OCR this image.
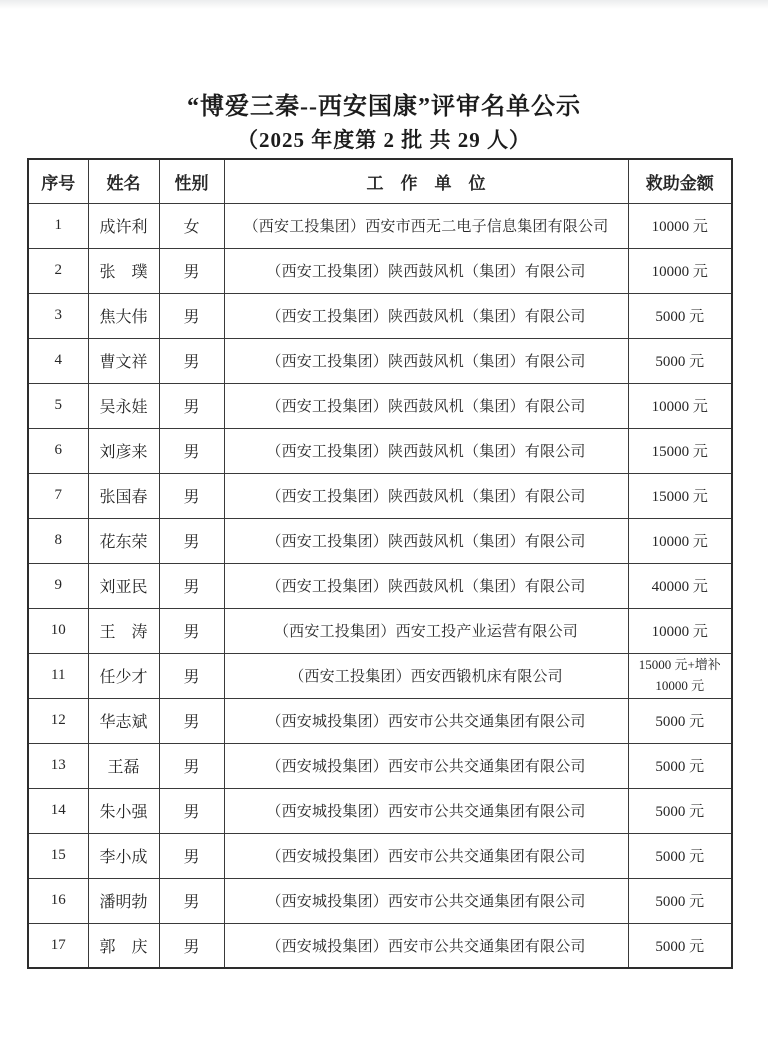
“博爱三秦--西安国康”评审名单公示
（2025 年度第 2 批 共 29 人）
序号	姓名	性别	工　作　单　位	救助金额
1	成许利	女	（西安工投集团）西安市西无二电子信息集团有限公司	10000 元
2	张　璞	男	（西安工投集团）陕西鼓风机（集团）有限公司	10000 元
3	焦大伟	男	（西安工投集团）陕西鼓风机（集团）有限公司	5000 元
4	曹文祥	男	（西安工投集团）陕西鼓风机（集团）有限公司	5000 元
5	吴永娃	男	（西安工投集团）陕西鼓风机（集团）有限公司	10000 元
6	刘彦来	男	（西安工投集团）陕西鼓风机（集团）有限公司	15000 元
7	张国春	男	（西安工投集团）陕西鼓风机（集团）有限公司	15000 元
8	花东荣	男	（西安工投集团）陕西鼓风机（集团）有限公司	10000 元
9	刘亚民	男	（西安工投集团）陕西鼓风机（集团）有限公司	40000 元
10	王　涛	男	（西安工投集团）西安工投产业运营有限公司	10000 元
11	任少才	男	（西安工投集团）西安西锻机床有限公司	15000 元+增补 10000 元
12	华志斌	男	（西安城投集团）西安市公共交通集团有限公司	5000 元
13	王磊	男	（西安城投集团）西安市公共交通集团有限公司	5000 元
14	朱小强	男	（西安城投集团）西安市公共交通集团有限公司	5000 元
15	李小成	男	（西安城投集团）西安市公共交通集团有限公司	5000 元
16	潘明勃	男	（西安城投集团）西安市公共交通集团有限公司	5000 元
17	郭　庆	男	（西安城投集团）西安市公共交通集团有限公司	5000 元
